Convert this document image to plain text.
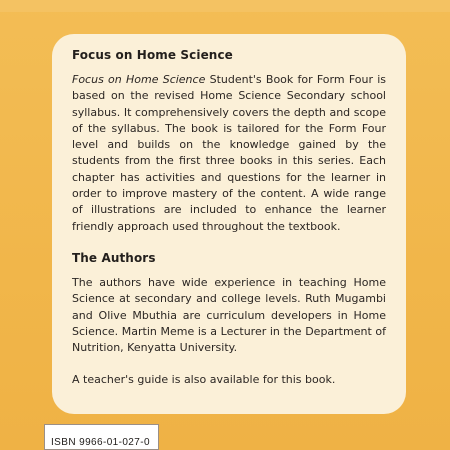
Focus on Home Science

Focus on Home Science Student's Book for Form Four is based on the revised Home Science Secondary school syllabus. It comprehensively covers the depth and scope of the syllabus. The book is tailored for the Form Four level and builds on the knowledge gained by the students from the first three books in this series. Each chapter has activities and questions for the learner in order to improve mastery of the content. A wide range of illustrations are included to enhance the learner friendly approach used throughout the textbook.

The Authors

The authors have wide experience in teaching Home Science at secondary and college levels. Ruth Mugambi and Olive Mbuthia are curriculum developers in Home Science. Martin Meme is a Lecturer in the Department of Nutrition, Kenyatta University.

A teacher's guide is also available for this book.

ISBN 9966-01-027-0
